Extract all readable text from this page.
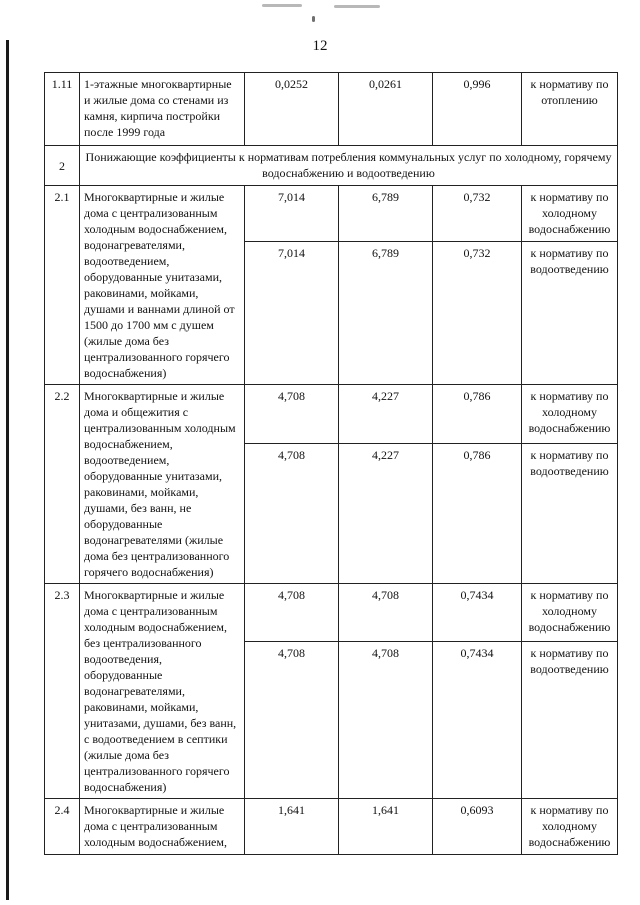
12
1.11	1-этажные многоквартирные и жилые дома со стенами из камня, кирпича постройки после 1999 года	0,0252	0,0261	0,996	к нормативу по отоплению
2	Понижающие коэффициенты к нормативам потребления коммунальных услуг по холодному, горячему водоснабжению и водоотведению				
2.1	Многоквартирные и жилые дома с централизованным холодным водоснабжением, водонагревателями, водоотведением, оборудованные унитазами, раковинами, мойками, душами и ваннами длиной от 1500 до 1700 мм с душем (жилые дома без централизованного горячего водоснабжения)	7,014	6,789	0,732	к нормативу по холодному водоснабжению
		7,014	6,789	0,732	к нормативу по водоотведению
2.2	Многоквартирные и жилые дома и общежития с централизованным холодным водоснабжением, водоотведением, оборудованные унитазами, раковинами, мойками, душами, без ванн, не оборудованные водонагревателями (жилые дома без централизованного горячего водоснабжения)	4,708	4,227	0,786	к нормативу по холодному водоснабжению
		4,708	4,227	0,786	к нормативу по водоотведению
2.3	Многоквартирные и жилые дома с централизованным холодным водоснабжением, без централизованного водоотведения, оборудованные водонагревателями, раковинами, мойками, унитазами, душами, без ванн, с водоотведением в септики (жилые дома без централизованного горячего водоснабжения)	4,708	4,708	0,7434	к нормативу по холодному водоснабжению
		4,708	4,708	0,7434	к нормативу по водоотведению
2.4	Многоквартирные и жилые дома с централизованным холодным водоснабжением,	1,641	1,641	0,6093	к нормативу по холодному водоснабжению
